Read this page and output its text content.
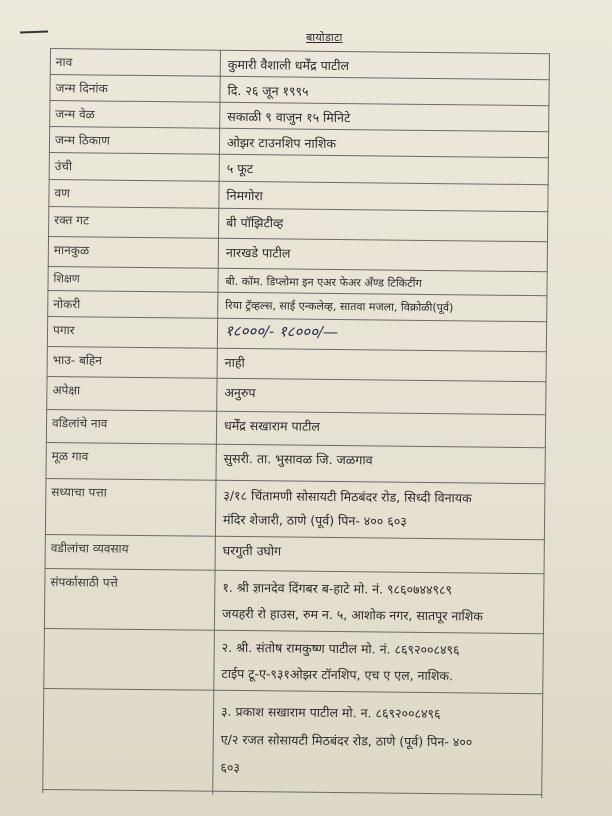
बायोडाटा
नाव	कुमारी वैशाली धर्मेंद्र पाटील
जन्म दिनांक	दि. २६ जून १९९५
जन्म वेळ	सकाळी ९ वाजुन १५ मिनिटे
जन्म ठिकाण	ओझर टाउनशिप नाशिक
उंची	५ फूट
वण	निमगोरा
रक्त गट	बी पॉझिटीव्ह
मानकुळ	नारखडे पाटील
शिक्षण	बी. कॉम. डिप्लोमा इन एअर फेअर अँण्ड टिकिटींग
नोकरी	रिया ट्रॅव्हल्स, साई एन्कलेव्ह, सातवा मजला, विक्रोळी(पूर्व)
पगार	१८०००/- १८०००/—
भाउ- बहिन	नाही
अपेक्षा	अनुरुप
वडिलांचे नाव	धर्मेंद्र सखाराम पाटील
मूळ गाव	सुसरी. ता. भुसावळ जि. जळगाव
सध्याचा पत्ता	३/१८ चिंतामणी सोसायटी मिठबंदर रोड, सिध्दी विनायक
मंदिर शेजारी, ठाणे (पूर्व) पिन- ४०० ६०३
वडीलांचा व्यवसाय	घरगुती उघोग
संपर्कासाठी पत्ते	१. श्री ज्ञानदेव दिंगबर ब-हाटे मो. नं. ९८६०७४४९८९
जयहरी रो हाउस, रुम न. ५, आशोक नगर, सातपूर नाशिक
२. श्री. संतोष रामकुष्ण पाटील मो. नं. ८६९२००८४९६
टाईप टू-ए-९३१ओझर टॉनशिप, एच ए एल, नाशिक.
३. प्रकाश सखाराम पाटील मो. न. ८६९२००८४९६
ए/२ रजत सोसायटी मिठबंदर रोड, ठाणे (पूर्व) पिन- ४००
६०३
